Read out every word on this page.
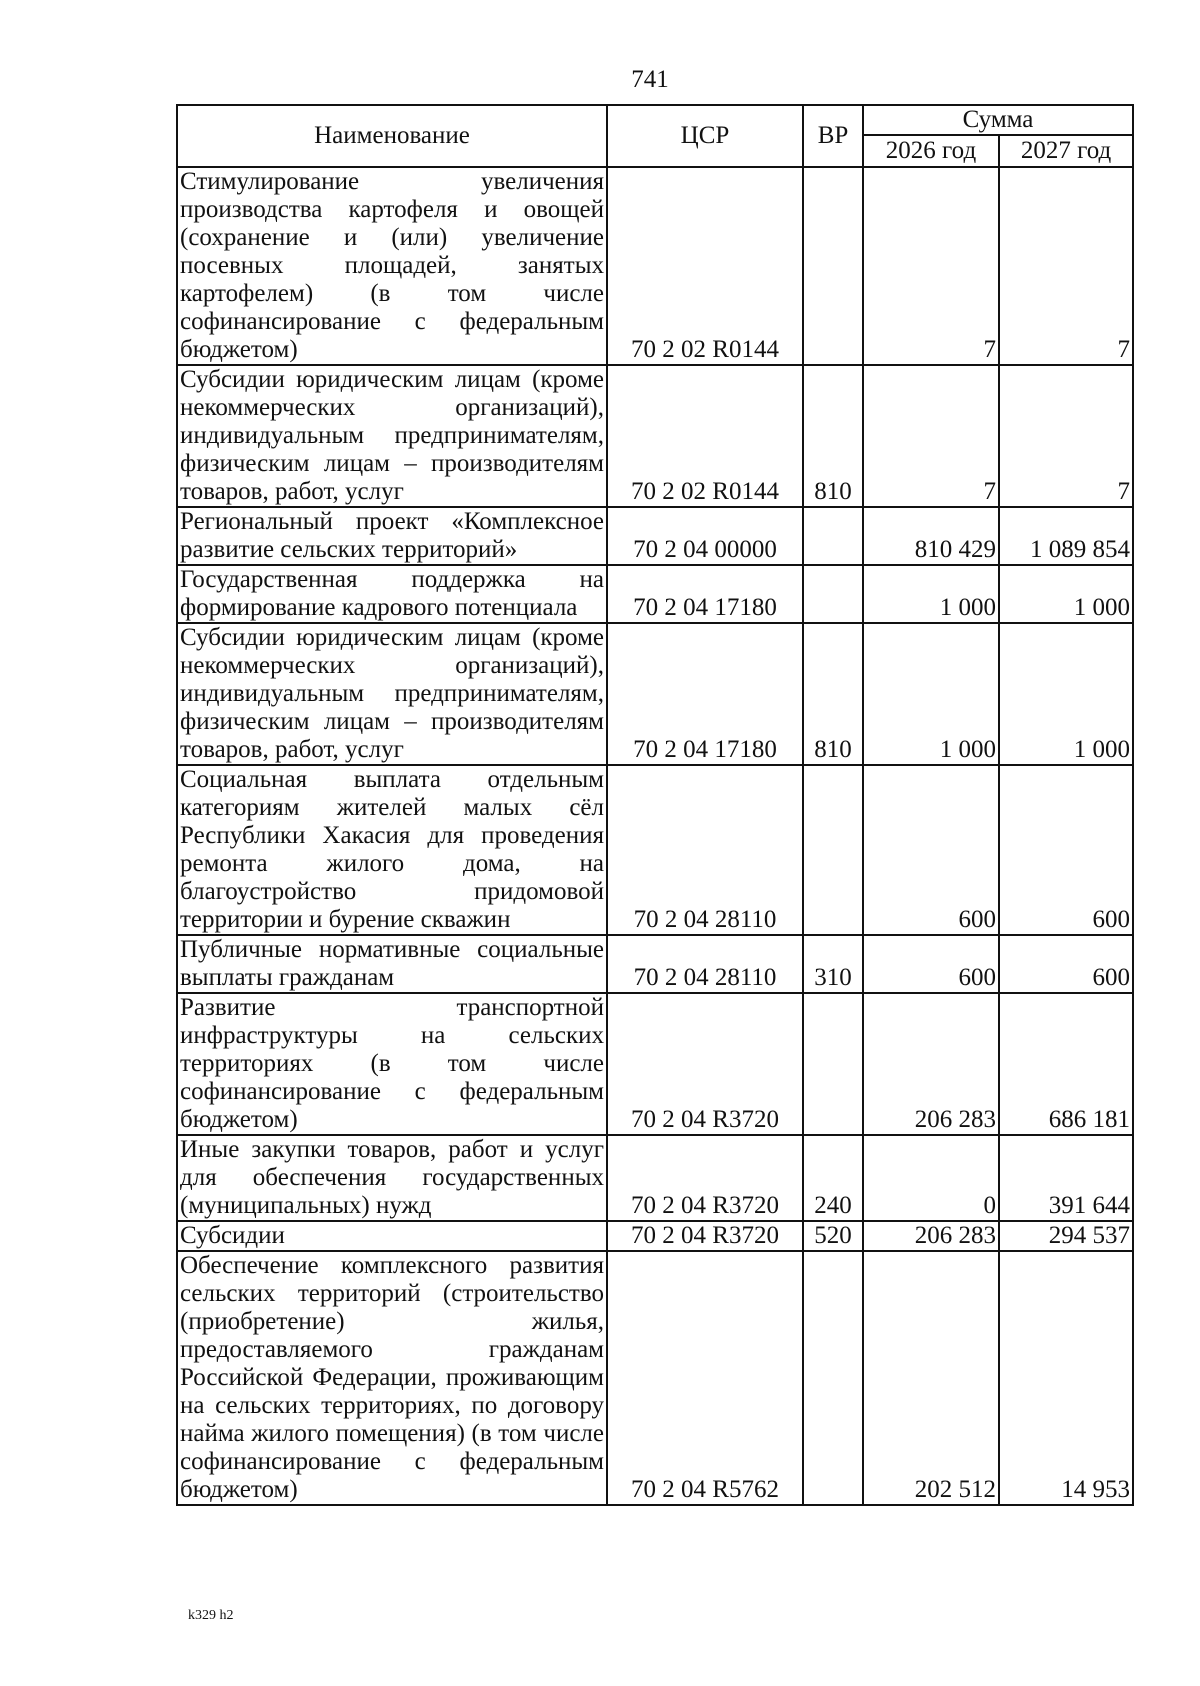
741
Наименование	ЦСР	ВР	Сумма	
			2026 год	2027 год
Стимулирование увеличения производства картофеля и овощей (сохранение и (или) увеличение посевных площадей, занятых картофелем) (в том числе софинансирование с федеральным бюджетом)	70 2 02 R0144		7	7
Субсидии юридическим лицам (кроме некоммерческих организаций), индивидуальным предпринимателям, физическим лицам – производителям товаров, работ, услуг	70 2 02 R0144	810	7	7
Региональный проект «Комплексное развитие сельских территорий»	70 2 04 00000		810 429	1 089 854
Государственная поддержка на формирование кадрового потенциала	70 2 04 17180		1 000	1 000
Субсидии юридическим лицам (кроме некоммерческих организаций), индивидуальным предпринимателям, физическим лицам – производителям товаров, работ, услуг	70 2 04 17180	810	1 000	1 000
Социальная выплата отдельным категориям жителей малых сёл Республики Хакасия для проведения ремонта жилого дома, на благоустройство придомовой территории и бурение скважин	70 2 04 28110		600	600
Публичные нормативные социальные выплаты гражданам	70 2 04 28110	310	600	600
Развитие транспортной инфраструктуры на сельских территориях (в том числе софинансирование с федеральным бюджетом)	70 2 04 R3720		206 283	686 181
Иные закупки товаров, работ и услуг для обеспечения государственных (муниципальных) нужд	70 2 04 R3720	240	0	391 644
Субсидии	70 2 04 R3720	520	206 283	294 537
Обеспечение комплексного развития сельских территорий (строительство (приобретение) жилья, предоставляемого гражданам Российской Федерации, проживающим на сельских территориях, по договору найма жилого помещения) (в том числе софинансирование с федеральным бюджетом)	70 2 04 R5762		202 512	14 953
k329 h2
